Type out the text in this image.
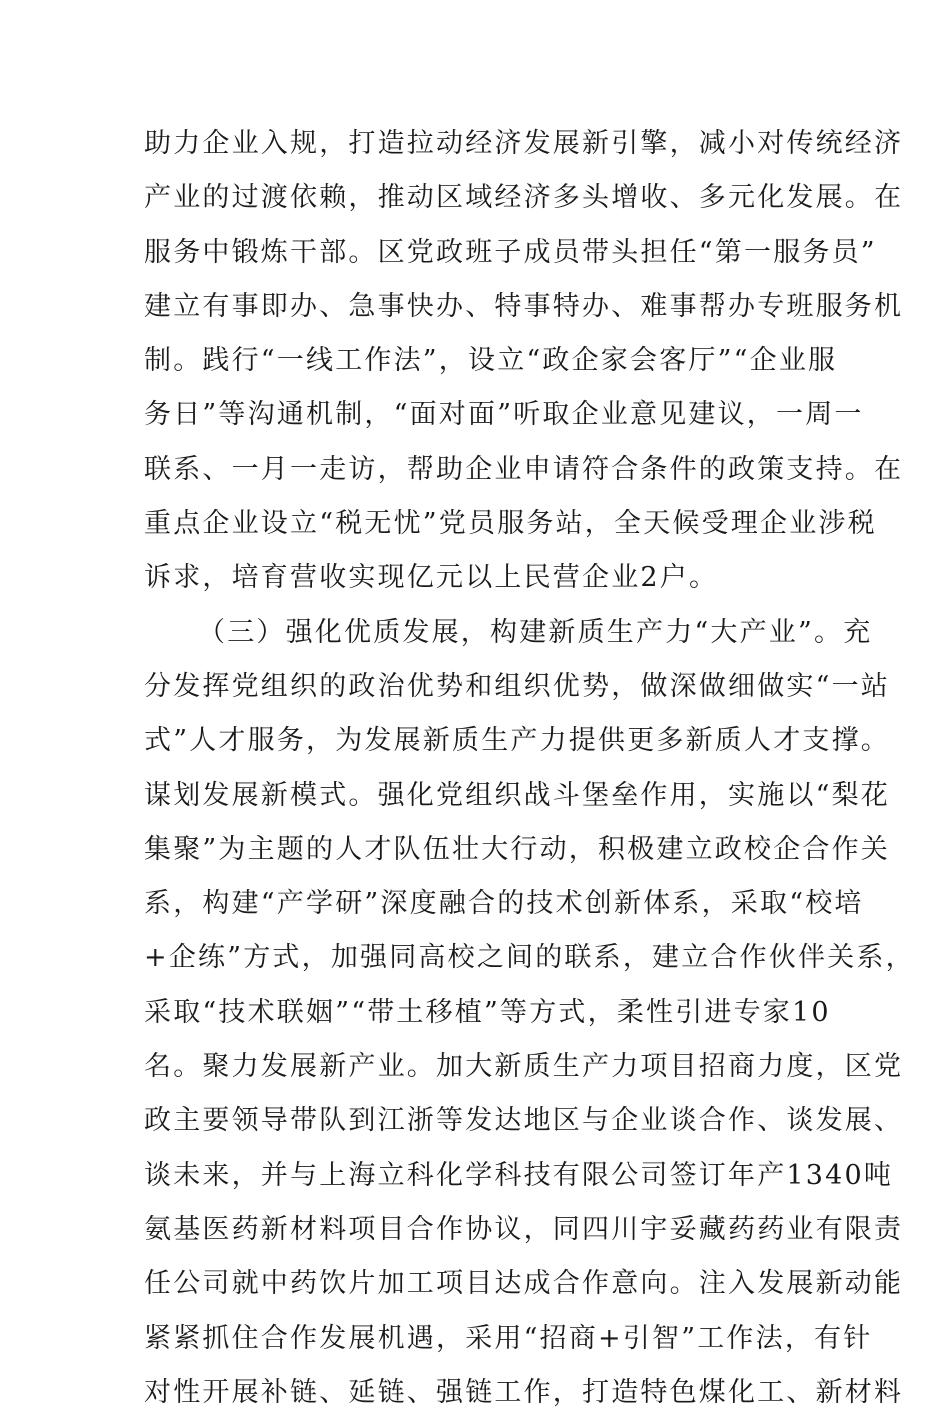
助力企业入规，打造拉动经济发展新引擎，减小对传统经济
产业的过渡依赖，推动区域经济多头增收、多元化发展。在
服务中锻炼干部。区党政班子成员带头担任“第一服务员”
建立有事即办、急事快办、特事特办、难事帮办专班服务机
制。践行“一线工作法”，设立“政企家会客厅”“企业服
务日”等沟通机制，“面对面”听取企业意见建议，一周一
联系、一月一走访，帮助企业申请符合条件的政策支持。在
重点企业设立“税无忧”党员服务站，全天候受理企业涉税
诉求，培育营收实现亿元以上民营企业2户。
（三）强化优质发展，构建新质生产力“大产业”。充
分发挥党组织的政治优势和组织优势，做深做细做实“一站
式”人才服务，为发展新质生产力提供更多新质人才支撑。
谋划发展新模式。强化党组织战斗堡垒作用，实施以“梨花
集聚”为主题的人才队伍壮大行动，积极建立政校企合作关
系，构建“产学研”深度融合的技术创新体系，采取“校培
+企练”方式，加强同高校之间的联系，建立合作伙伴关系，
采取“技术联姻”“带土移植”等方式，柔性引进专家10
名。聚力发展新产业。加大新质生产力项目招商力度，区党
政主要领导带队到江浙等发达地区与企业谈合作、谈发展、
谈未来，并与上海立科化学科技有限公司签订年产1340吨
氨基医药新材料项目合作协议，同四川宇妥藏药药业有限责
任公司就中药饮片加工项目达成合作意向。注入发展新动能
紧紧抓住合作发展机遇，采用“招商+引智”工作法，有针
对性开展补链、延链、强链工作，打造特色煤化工、新材料
